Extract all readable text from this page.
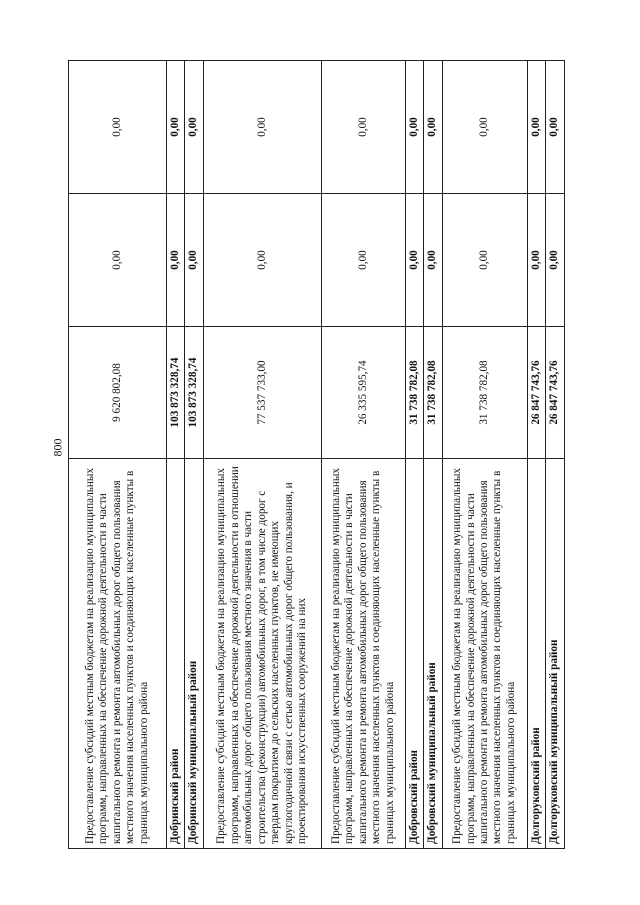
800
Предоставление субсидий местным бюджетам на реализацию муниципальных программ, направленных на обеспечение дорожной деятельности в части капитального ремонта и ремонта автомобильных дорог общего пользования местного значения населенных пунктов и соединяющих населенные пункты в границах муниципального района	9 620 802,08	0,00	0,00
Добринский район	103 873 328,74	0,00	0,00
Добринский муниципальный район	103 873 328,74	0,00	0,00
Предоставление субсидий местным бюджетам на реализацию муниципальных программ, направленных на обеспечение дорожной деятельности в отношении автомобильных дорог общего пользования местного значения в части строительства (реконструкции) автомобильных дорог, в том числе дорог с твердым покрытием до сельских населенных пунктов, не имеющих круглогодичной связи с сетью автомобильных дорог общего пользования, и проектирования искусственных сооружений на них	77 537 733,00	0,00	0,00
Предоставление субсидий местным бюджетам на реализацию муниципальных программ, направленных на обеспечение дорожной деятельности в части капитального ремонта и ремонта автомобильных дорог общего пользования местного значения населенных пунктов и соединяющих населенные пункты в границах муниципального района	26 335 595,74	0,00	0,00
Добровский район	31 738 782,08	0,00	0,00
Добровский муниципальный район	31 738 782,08	0,00	0,00
Предоставление субсидий местным бюджетам на реализацию муниципальных программ, направленных на обеспечение дорожной деятельности в части капитального ремонта и ремонта автомобильных дорог общего пользования местного значения населенных пунктов и соединяющих населенные пункты в границах муниципального района	31 738 782,08	0,00	0,00
Долгоруковский район	26 847 743,76	0,00	0,00
Долгоруковский муниципальный район	26 847 743,76	0,00	0,00
